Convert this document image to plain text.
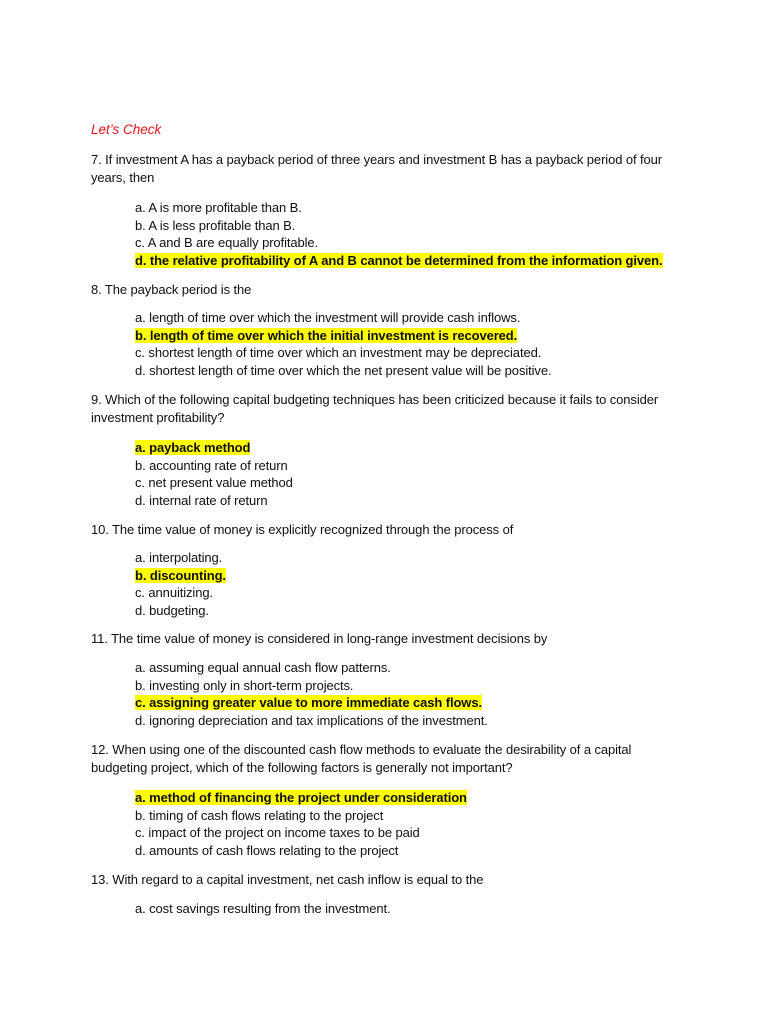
Let’s Check
7. If investment A has a payback period of three years and investment B has a payback period of four years, then
a. A is more profitable than B.
b. A is less profitable than B.
c. A and B are equally profitable.
d. the relative profitability of A and B cannot be determined from the information given.
8. The payback period is the
a. length of time over which the investment will provide cash inflows.
b. length of time over which the initial investment is recovered.
c. shortest length of time over which an investment may be depreciated.
d. shortest length of time over which the net present value will be positive.
9. Which of the following capital budgeting techniques has been criticized because it fails to consider investment profitability?
a. payback method
b. accounting rate of return
c. net present value method
d. internal rate of return
10. The time value of money is explicitly recognized through the process of
a. interpolating.
b. discounting.
c. annuitizing.
d. budgeting.
11. The time value of money is considered in long-range investment decisions by
a. assuming equal annual cash flow patterns.
b. investing only in short-term projects.
c. assigning greater value to more immediate cash flows.
d. ignoring depreciation and tax implications of the investment.
12. When using one of the discounted cash flow methods to evaluate the desirability of a capital budgeting project, which of the following factors is generally not important?
a. method of financing the project under consideration
b. timing of cash flows relating to the project
c. impact of the project on income taxes to be paid
d. amounts of cash flows relating to the project
13. With regard to a capital investment, net cash inflow is equal to the
a. cost savings resulting from the investment.
